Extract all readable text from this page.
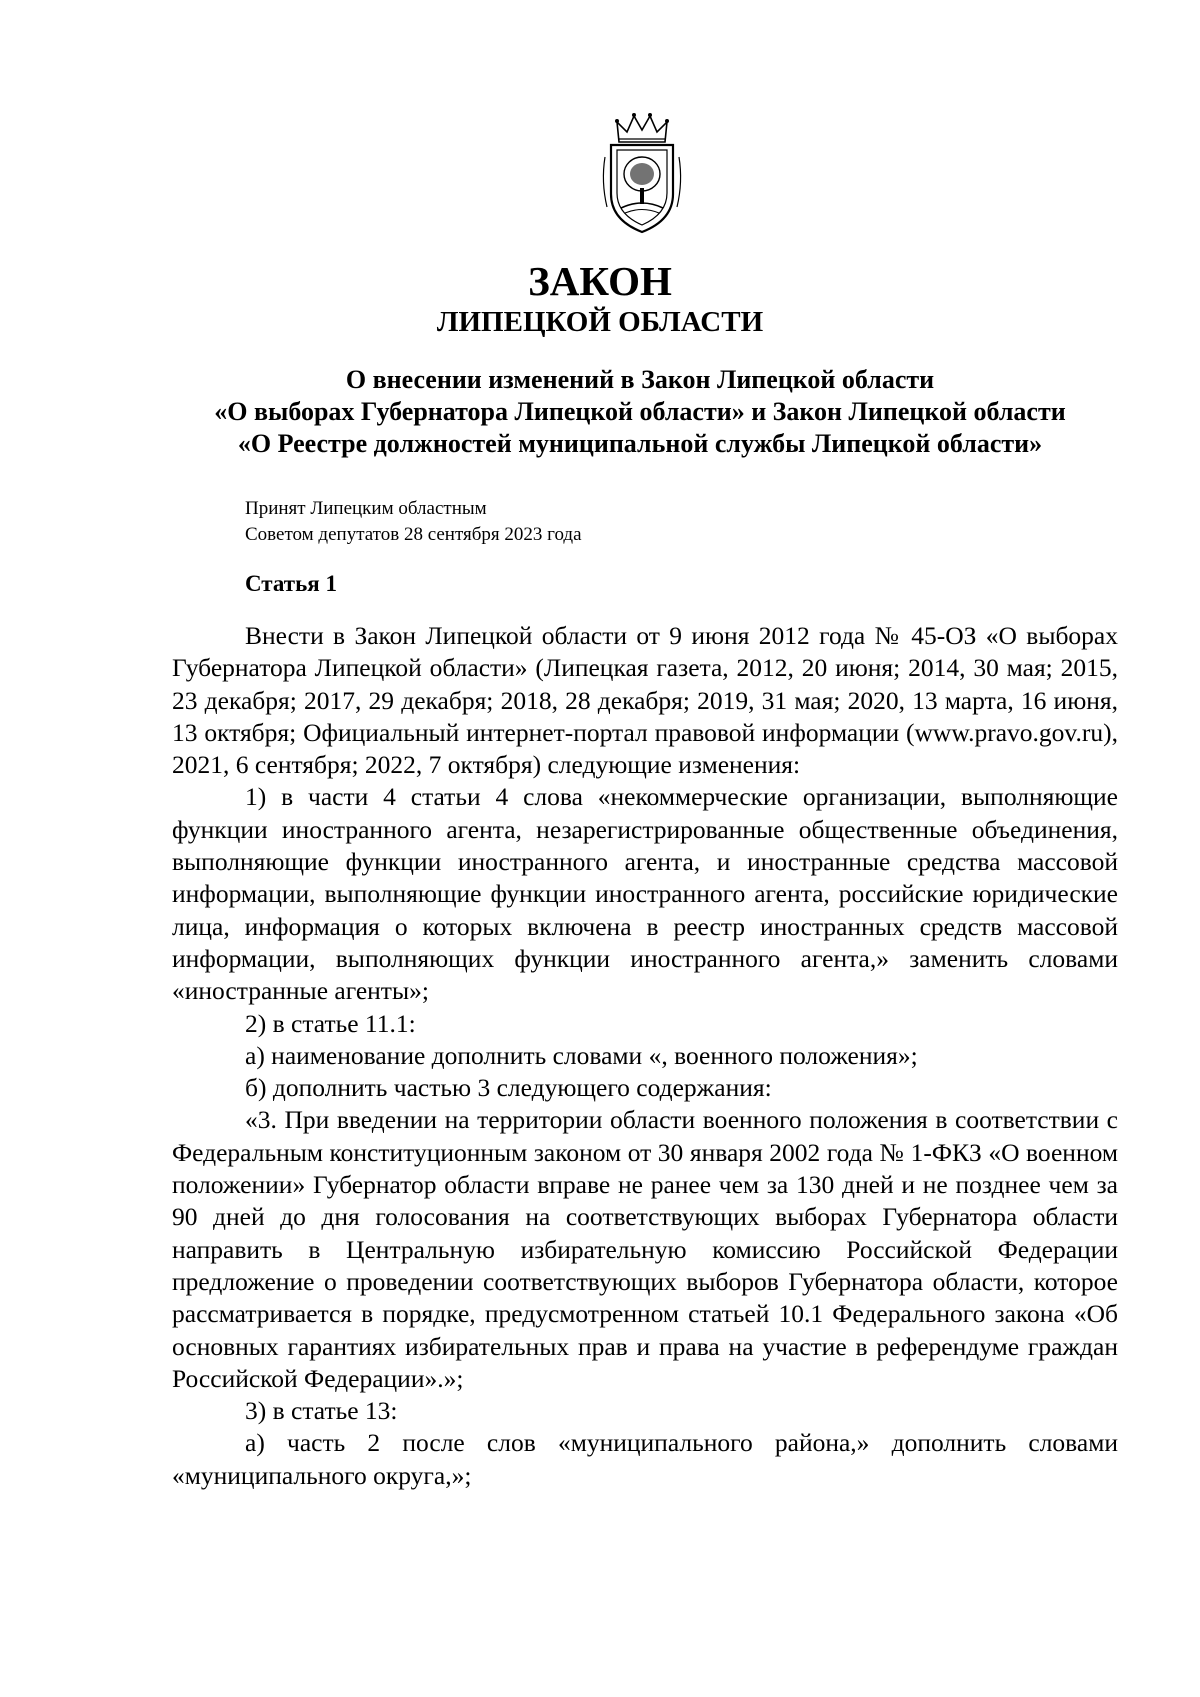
ЗАКОН
ЛИПЕЦКОЙ ОБЛАСТИ
О внесении изменений в Закон Липецкой области
«О выборах Губернатора Липецкой области» и Закон Липецкой области
«О Реестре должностей муниципальной службы Липецкой области»
Принят Липецким областным
Советом депутатов 28 сентября 2023 года
Статья 1

Внести в Закон Липецкой области от 9 июня 2012 года № 45-ОЗ «О выборах Губернатора Липецкой области» (Липецкая газета, 2012, 20 июня; 2014, 30 мая; 2015, 23 декабря; 2017, 29 декабря; 2018, 28 декабря; 2019, 31 мая; 2020, 13 марта, 16 июня, 13 октября; Официальный интернет-портал правовой информации (www.pravo.gov.ru), 2021, 6 сентября; 2022, 7 октября) следующие изменения:

1) в части 4 статьи 4 слова «некоммерческие организации, выполняющие функции иностранного агента, незарегистрированные общественные объединения, выполняющие функции иностранного агента, и иностранные средства массовой информации, выполняющие функции иностранного агента, российские юридические лица, информация о которых включена в реестр иностранных средств массовой информации, выполняющих функции иностранного агента,» заменить словами «иностранные агенты»;

2) в статье 11.1:

а) наименование дополнить словами «, военного положения»;

б) дополнить частью 3 следующего содержания:

«3. При введении на территории области военного положения в соответствии с Федеральным конституционным законом от 30 января 2002 года № 1-ФКЗ «О военном положении» Губернатор области вправе не ранее чем за 130 дней и не позднее чем за 90 дней до дня голосования на соответствующих выборах Губернатора области направить в Центральную избирательную комиссию Российской Федерации предложение о проведении соответствующих выборов Губернатора области, которое рассматривается в порядке, предусмотренном статьей 10.1 Федерального закона «Об основных гарантиях избирательных прав и права на участие в референдуме граждан Российской Федерации».»;

3) в статье 13:

а) часть 2 после слов «муниципального района,» дополнить словами «муниципального округа,»;
